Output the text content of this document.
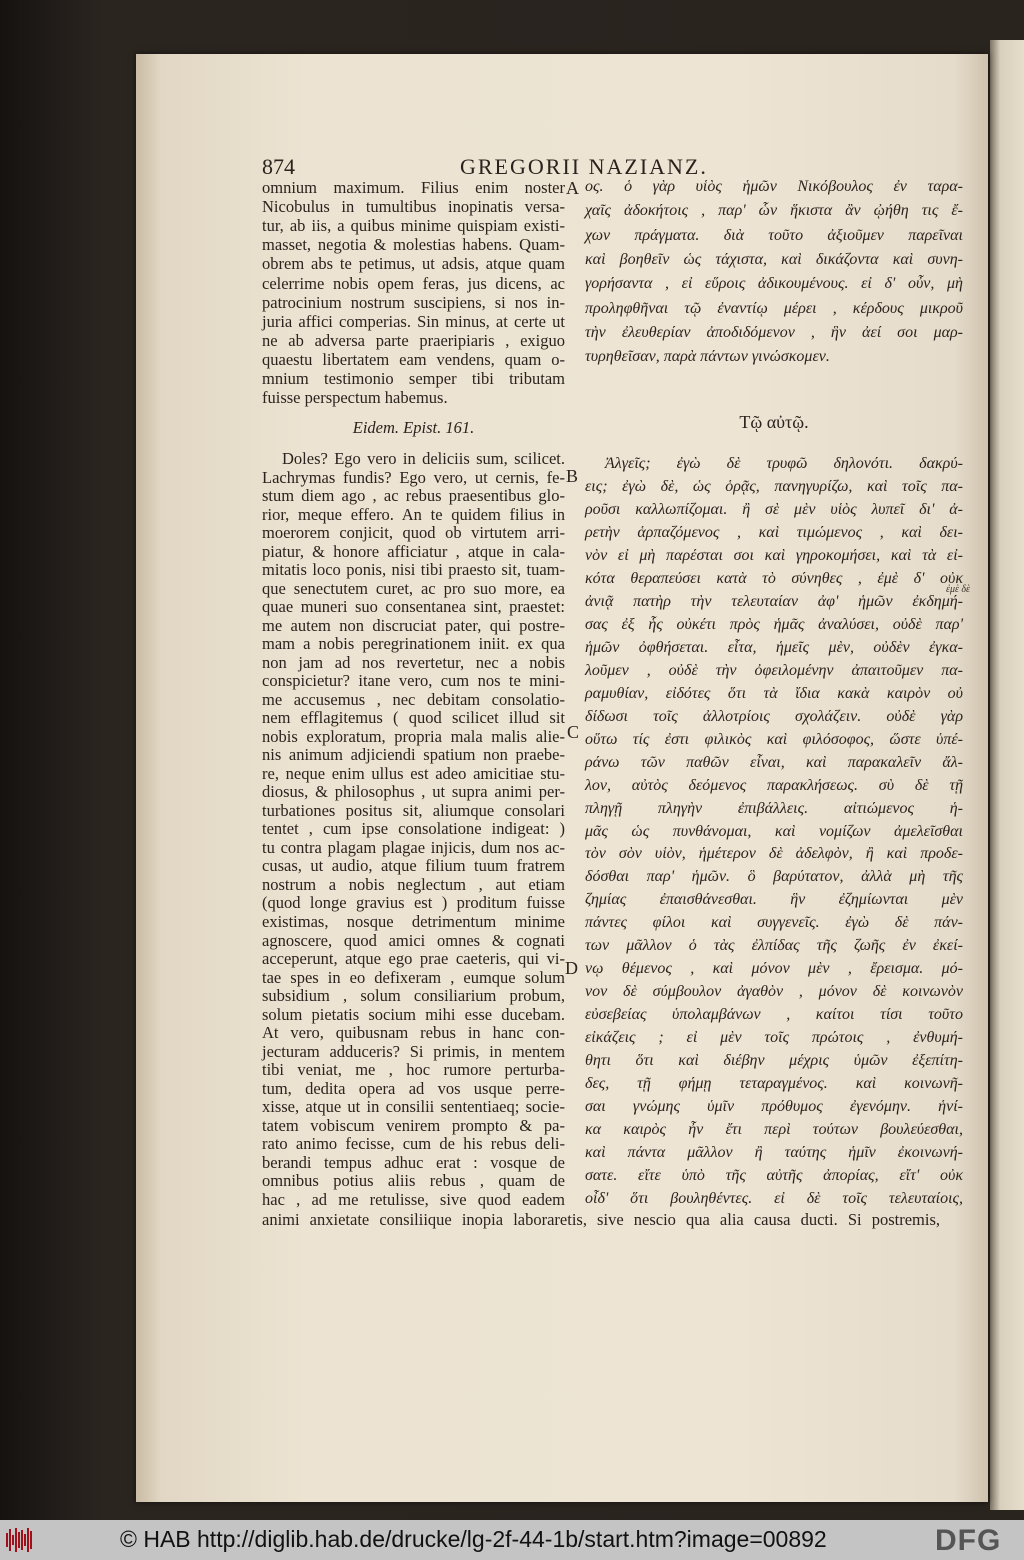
ἐμὲ δὲ
874	GREGORII NAZIANZ.
Eidem. Epist. 161.
omnium maximum. Filius enim noster
Nicobulus in tumultibus inopinatis versa-
tur, ab iis, a quibus minime quispiam existi-
masset, negotia & molestias habens. Quam-
obrem abs te petimus, ut adsis, atque quam
celerrime nobis opem feras, jus dicens, ac
patrocinium nostrum suscipiens, si nos in-
juria affici comperias. Sin minus, at certe ut
ne ab adversa parte praeripiaris , exiguo
quaestu libertatem eam vendens, quam o-
mnium testimonio semper tibi tributam
fuisse perspectum habemus.
Doles? Ego vero in deliciis sum, scilicet.
Lachrymas fundis? Ego vero, ut cernis, fe-
stum diem ago , ac rebus praesentibus glo-
rior, meque effero. An te quidem filius in
moerorem conjicit, quod ob virtutem arri-
piatur, & honore afficiatur , atque in cala-
mitatis loco ponis, nisi tibi praesto sit, tuam-
que senectutem curet, ac pro suo more, ea
quae muneri suo consentanea sint, praestet:
me autem non discruciat pater, qui postre-
mam a nobis peregrinationem iniit. ex qua
non jam ad nos revertetur, nec a nobis
conspicietur? itane vero, cum nos te mini-
me accusemus , nec debitam consolatio-
nem efflagitemus ( quod scilicet illud sit
nobis exploratum, propria mala malis alie-
nis animum adjiciendi spatium non praebe-
re, neque enim ullus est adeo amicitiae stu-
diosus, & philosophus , ut supra animi per-
turbationes positus sit, aliumque consolari
tentet , cum ipse consolatione indigeat: )
tu contra plagam plagae injicis, dum nos ac-
cusas, ut audio, atque filium tuum fratrem
nostrum a nobis neglectum , aut etiam
(quod longe gravius est ) proditum fuisse
existimas, nosque detrimentum minime
agnoscere, quod amici omnes & cognati
acceperunt, atque ego prae caeteris, qui vi-
tae spes in eo defixeram , eumque solum
subsidium , solum consiliarium probum,
solum pietatis socium mihi esse ducebam.
At vero, quibusnam rebus in hanc con-
jecturam adduceris? Si primis, in mentem
tibi veniat, me , hoc rumore perturba-
tum, dedita opera ad vos usque perre-
xisse, atque ut in consilii sententiaeq; socie-
tatem vobiscum venirem prompto & pa-
rato animo fecisse, cum de his rebus deli-
berandi tempus adhuc erat : vosque de
omnibus potius aliis rebus , quam de
hac , ad me retulisse, sive quod eadem
animi anxietate consiliique inopia laboraretis, sive nescio qua alia causa ducti. Si postremis,
Τῷ αὐτῷ.
ος. ὁ γὰρ υἱὸς ἡμῶν Νικόβουλος ἐν ταρα-
χαῖς ἀδοκήτοις , παρ' ὧν ἥκιστα ἂν ᾠήθη τις ἔ-
χων πράγματα. διὰ τοῦτο ἀξιοῦμεν παρεῖναι
καὶ βοηθεῖν ὡς τάχιστα, καὶ δικάζοντα καὶ συνη-
γορήσαντα , εἰ εὕροις ἀδικουμένους. εἰ δ' οὖν, μὴ
προληφθῆναι τῷ ἐναντίῳ μέρει , κέρδους μικροῦ
τὴν ἐλευθερίαν ἀποδιδόμενον , ἣν ἀεί σοι μαρ-
τυρηθεῖσαν, παρὰ πάντων γινώσκομεν.
Ἀλγεῖς; ἐγὼ δὲ τρυφῶ δηλονότι. δακρύ-
εις; ἐγὼ δὲ, ὡς ὁρᾷς, πανηγυρίζω, καὶ τοῖς πα-
ροῦσι καλλωπίζομαι. ἢ σὲ μὲν υἱὸς λυπεῖ δι' ἀ-
ρετὴν ἁρπαζόμενος , καὶ τιμώμενος , καὶ δει-
νὸν εἰ μὴ παρέσται σοι καὶ γηροκομήσει, καὶ τὰ εἰ-
κότα θεραπεύσει κατὰ τὸ σύνηθες , ἐμὲ δ' οὐκ
ἀνιᾷ πατὴρ τὴν τελευταίαν ἀφ' ἡμῶν ἐκδημή-
σας ἐξ ἧς οὐκέτι πρὸς ἡμᾶς ἀναλύσει, οὐδὲ παρ'
ἡμῶν ὀφθήσεται. εἶτα, ἡμεῖς μὲν, οὐδὲν ἐγκα-
λοῦμεν , οὐδὲ τὴν ὀφειλομένην ἀπαιτοῦμεν πα-
ραμυθίαν, εἰδότες ὅτι τὰ ἴδια κακὰ καιρὸν οὐ
δίδωσι τοῖς ἀλλοτρίοις σχολάζειν. οὐδὲ γὰρ
οὕτω τίς ἐστι φιλικὸς καὶ φιλόσοφος, ὥστε ὑπέ-
ράνω τῶν παθῶν εἶναι, καὶ παρακαλεῖν ἄλ-
λον, αὐτὸς δεόμενος παρακλήσεως. σὺ δὲ τῇ
πληγῇ πληγὴν ἐπιβάλλεις. αἰτιώμενος ἡ-
μᾶς ὡς πυνθάνομαι, καὶ νομίζων ἀμελεῖσθαι
τὸν σὸν υἱὸν, ἡμέτερον δὲ ἀδελφὸν, ἢ καὶ προδε-
δόσθαι παρ' ἡμῶν. ὃ βαρύτατον, ἀλλὰ μὴ τῆς
ζημίας ἐπαισθάνεσθαι. ἣν ἐζημίωνται μὲν
πάντες φίλοι καὶ συγγενεῖς. ἐγὼ δὲ πάν-
των μᾶλλον ὁ τὰς ἐλπίδας τῆς ζωῆς ἐν ἐκεί-
νῳ θέμενος , καὶ μόνον μὲν , ἔρεισμα. μό-
νον δὲ σύμβουλον ἀγαθὸν , μόνον δὲ κοινωνὸν
εὐσεβείας ὑπολαμβάνων , καίτοι τίσι τοῦτο
εἰκάζεις ; εἰ μὲν τοῖς πρώτοις , ἐνθυμή-
θητι ὅτι καὶ διέβην μέχρις ὑμῶν ἐξεπίτη-
δες, τῇ φήμῃ τεταραγμένος. καὶ κοινωνῆ-
σαι γνώμης ὑμῖν πρόθυμος ἐγενόμην. ἡνί-
κα καιρὸς ἦν ἔτι περὶ τούτων βουλεύεσθαι,
καὶ πάντα μᾶλλον ἢ ταύτης ἡμῖν ἐκοινωνή-
σατε. εἴτε ὑπὸ τῆς αὐτῆς ἀπορίας, εἴτ' οὐκ
οἶδ' ὅτι βουληθέντες. εἰ δὲ τοῖς τελευταίοις,
A
B
C
D
© HAB http://diglib.hab.de/drucke/lg-2f-44-1b/start.htm?image=00892	DFG
